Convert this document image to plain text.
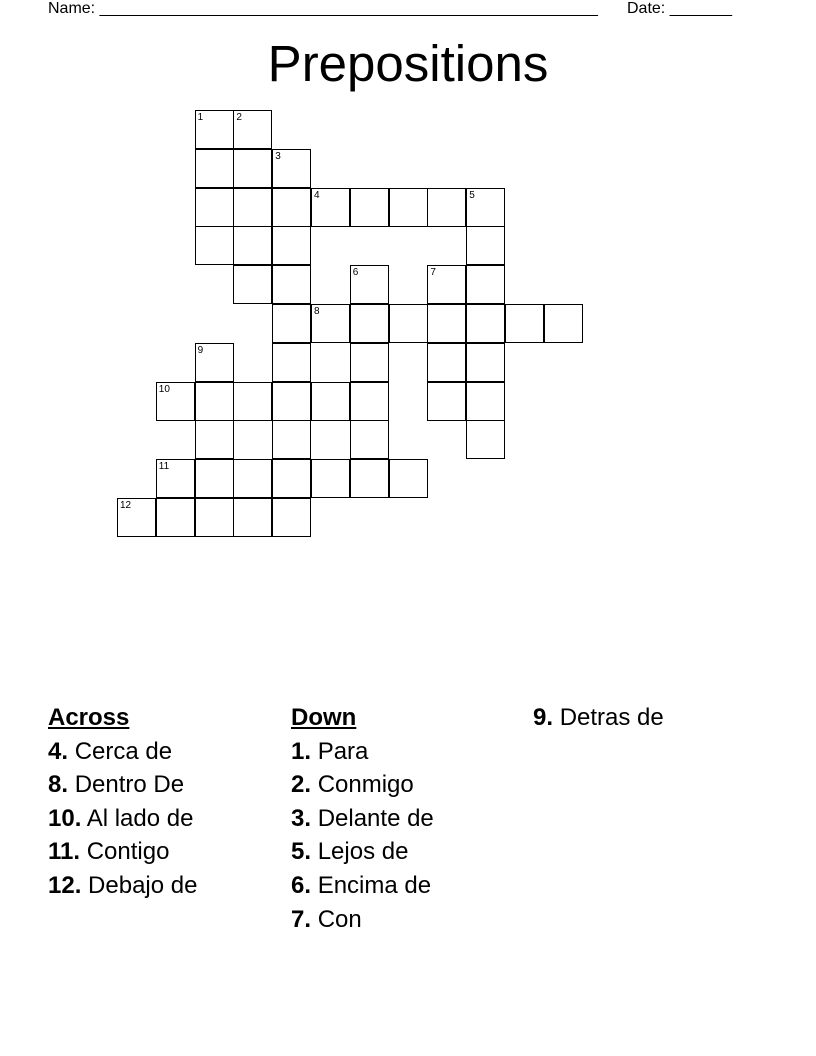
Name: ________________________________________________________ Date: _______
Prepositions
1	2
3
4	5
6	7
8
9
10
11
12
Across
4. Cerca de
8. Dentro De
10. Al lado de
11. Contigo
12. Debajo de
Down
1. Para
2. Conmigo
3. Delante de
5. Lejos de
6. Encima de
7. Con
9. Detras de
